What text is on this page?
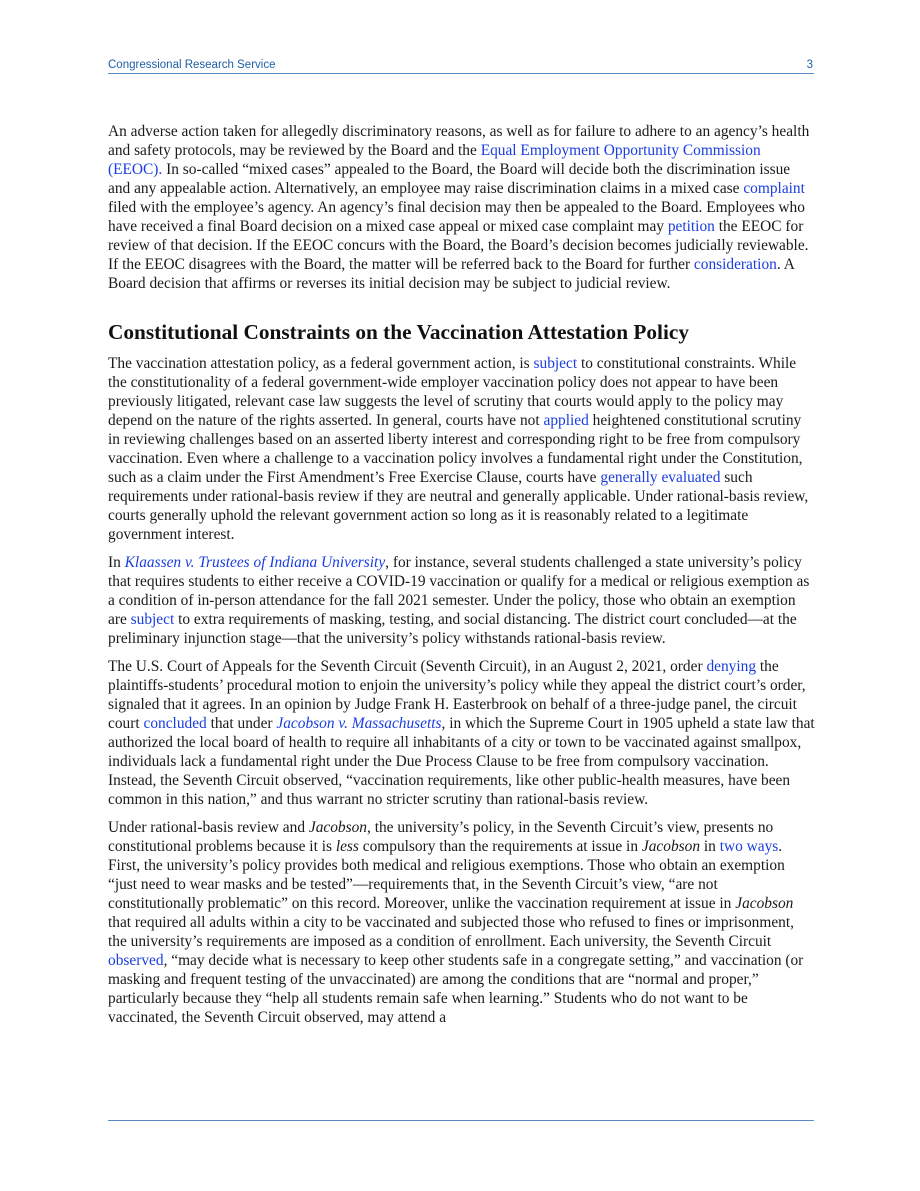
Congressional Research Service	3

An adverse action taken for allegedly discriminatory reasons, as well as for failure to adhere to an agency’s health and safety protocols, may be reviewed by the Board and the Equal Employment Opportunity Commission (EEOC). In so-called “mixed cases” appealed to the Board, the Board will decide both the discrimination issue and any appealable action. Alternatively, an employee may raise discrimination claims in a mixed case complaint filed with the employee’s agency. An agency’s final decision may then be appealed to the Board. Employees who have received a final Board decision on a mixed case appeal or mixed case complaint may petition the EEOC for review of that decision. If the EEOC concurs with the Board, the Board’s decision becomes judicially reviewable. If the EEOC disagrees with the Board, the matter will be referred back to the Board for further consideration. A Board decision that affirms or reverses its initial decision may be subject to judicial review.

Constitutional Constraints on the Vaccination Attestation Policy

The vaccination attestation policy, as a federal government action, is subject to constitutional constraints. While the constitutionality of a federal government-wide employer vaccination policy does not appear to have been previously litigated, relevant case law suggests the level of scrutiny that courts would apply to the policy may depend on the nature of the rights asserted. In general, courts have not applied heightened constitutional scrutiny in reviewing challenges based on an asserted liberty interest and corresponding right to be free from compulsory vaccination. Even where a challenge to a vaccination policy involves a fundamental right under the Constitution, such as a claim under the First Amendment’s Free Exercise Clause, courts have generally evaluated such requirements under rational-basis review if they are neutral and generally applicable. Under rational-basis review, courts generally uphold the relevant government action so long as it is reasonably related to a legitimate government interest.

In Klaassen v. Trustees of Indiana University, for instance, several students challenged a state university’s policy that requires students to either receive a COVID-19 vaccination or qualify for a medical or religious exemption as a condition of in-person attendance for the fall 2021 semester. Under the policy, those who obtain an exemption are subject to extra requirements of masking, testing, and social distancing. The district court concluded—at the preliminary injunction stage—that the university’s policy withstands rational-basis review.

The U.S. Court of Appeals for the Seventh Circuit (Seventh Circuit), in an August 2, 2021, order denying the plaintiffs-students’ procedural motion to enjoin the university’s policy while they appeal the district court’s order, signaled that it agrees. In an opinion by Judge Frank H. Easterbrook on behalf of a three-judge panel, the circuit court concluded that under Jacobson v. Massachusetts, in which the Supreme Court in 1905 upheld a state law that authorized the local board of health to require all inhabitants of a city or town to be vaccinated against smallpox, individuals lack a fundamental right under the Due Process Clause to be free from compulsory vaccination. Instead, the Seventh Circuit observed, “vaccination requirements, like other public-health measures, have been common in this nation,” and thus warrant no stricter scrutiny than rational-basis review.

Under rational-basis review and Jacobson, the university’s policy, in the Seventh Circuit’s view, presents no constitutional problems because it is less compulsory than the requirements at issue in Jacobson in two ways. First, the university’s policy provides both medical and religious exemptions. Those who obtain an exemption “just need to wear masks and be tested”—requirements that, in the Seventh Circuit’s view, “are not constitutionally problematic” on this record. Moreover, unlike the vaccination requirement at issue in Jacobson that required all adults within a city to be vaccinated and subjected those who refused to fines or imprisonment, the university’s requirements are imposed as a condition of enrollment. Each university, the Seventh Circuit observed, “may decide what is necessary to keep other students safe in a congregate setting,” and vaccination (or masking and frequent testing of the unvaccinated) are among the conditions that are “normal and proper,” particularly because they “help all students remain safe when learning.” Students who do not want to be vaccinated, the Seventh Circuit observed, may attend a
